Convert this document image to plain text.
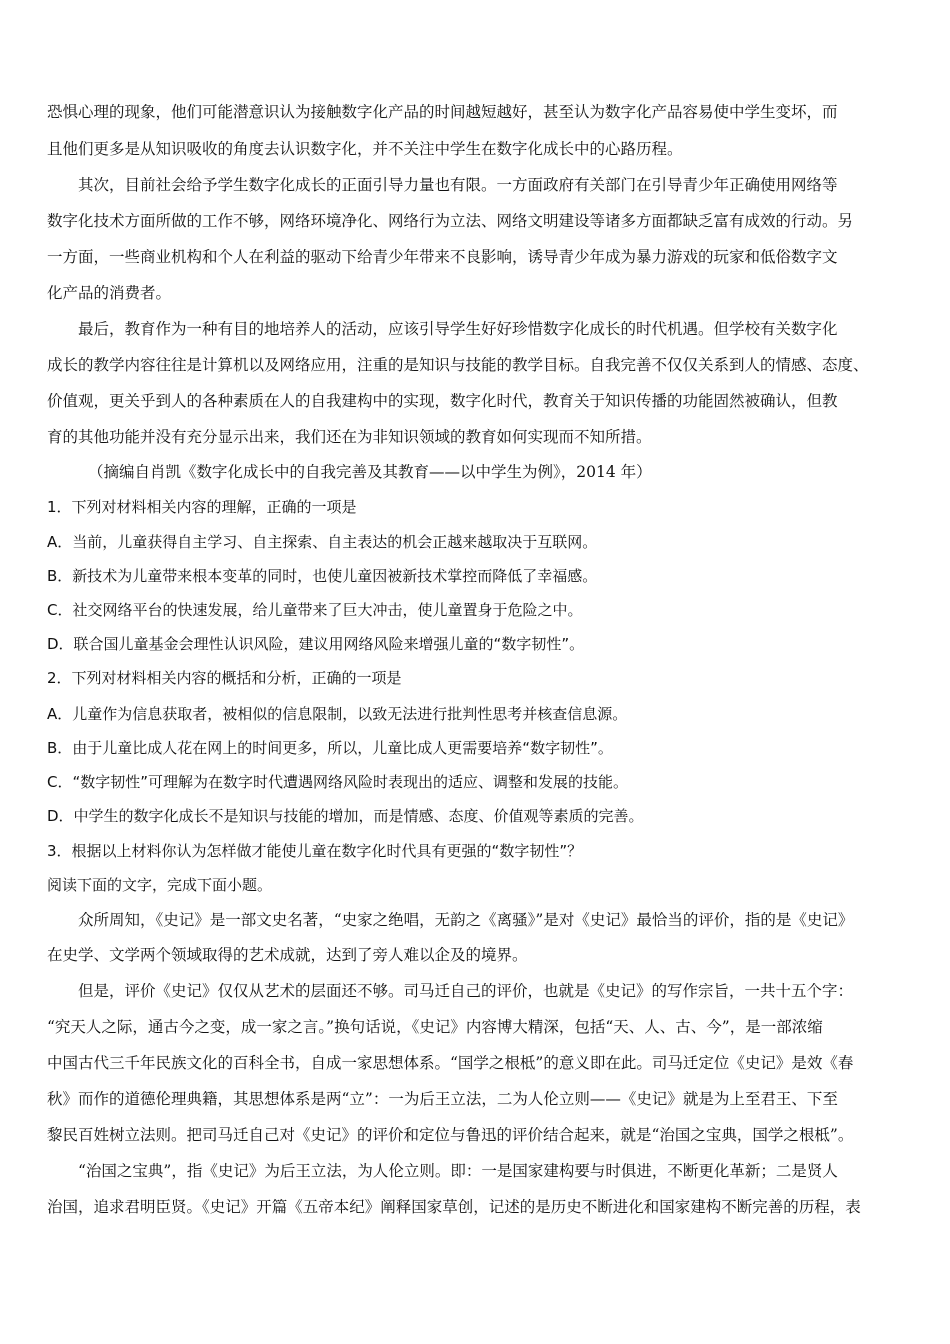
恐惧心理的现象，他们可能潜意识认为接触数字化产品的时间越短越好，甚至认为数字化产品容易使中学生变坏，而
且他们更多是从知识吸收的角度去认识数字化，并不关注中学生在数字化成长中的心路历程。
其次，目前社会给予学生数字化成长的正面引导力量也有限。一方面政府有关部门在引导青少年正确使用网络等
数字化技术方面所做的工作不够，网络环境净化、网络行为立法、网络文明建设等诸多方面都缺乏富有成效的行动。另
一方面，一些商业机构和个人在利益的驱动下给青少年带来不良影响，诱导青少年成为暴力游戏的玩家和低俗数字文
化产品的消费者。
最后，教育作为一种有目的地培养人的活动，应该引导学生好好珍惜数字化成长的时代机遇。但学校有关数字化
成长的教学内容往往是计算机以及网络应用，注重的是知识与技能的教学目标。自我完善不仅仅关系到人的情感、态度、
价值观，更关乎到人的各种素质在人的自我建构中的实现，数字化时代，教育关于知识传播的功能固然被确认，但教
育的其他功能并没有充分显示出来，我们还在为非知识领域的教育如何实现而不知所措。
（摘编自肖凯《数字化成长中的自我完善及其教育——以中学生为例》，2014 年）
1．下列对材料相关内容的理解，正确的一项是
A．当前，儿童获得自主学习、自主探索、自主表达的机会正越来越取决于互联网。
B．新技术为儿童带来根本变革的同时，也使儿童因被新技术掌控而降低了幸福感。
C．社交网络平台的快速发展，给儿童带来了巨大冲击，使儿童置身于危险之中。
D．联合国儿童基金会理性认识风险，建议用网络风险来增强儿童的“数字韧性”。
2．下列对材料相关内容的概括和分析，正确的一项是
A．儿童作为信息获取者，被相似的信息限制，以致无法进行批判性思考并核查信息源。
B．由于儿童比成人花在网上的时间更多，所以，儿童比成人更需要培养“数字韧性”。
C．“数字韧性”可理解为在数字时代遭遇网络风险时表现出的适应、调整和发展的技能。
D．中学生的数字化成长不是知识与技能的增加，而是情感、态度、价值观等素质的完善。
3．根据以上材料你认为怎样做才能使儿童在数字化时代具有更强的“数字韧性”？
阅读下面的文字，完成下面小题。
众所周知，《史记》是一部文史名著，“史家之绝唱，无韵之《离骚》”是对《史记》最恰当的评价，指的是《史记》
在史学、文学两个领域取得的艺术成就，达到了旁人难以企及的境界。
但是，评价《史记》仅仅从艺术的层面还不够。司马迁自己的评价，也就是《史记》的写作宗旨，一共十五个字：
“究天人之际，通古今之变，成一家之言。”换句话说，《史记》内容博大精深，包括“天、人、古、今”，是一部浓缩
中国古代三千年民族文化的百科全书，自成一家思想体系。“国学之根柢”的意义即在此。司马迁定位《史记》是效《春
秋》而作的道德伦理典籍，其思想体系是两“立”：一为后王立法，二为人伦立则——《史记》就是为上至君王、下至
黎民百姓树立法则。把司马迁自己对《史记》的评价和定位与鲁迅的评价结合起来，就是“治国之宝典，国学之根柢”。
“治国之宝典”，指《史记》为后王立法，为人伦立则。即：一是国家建构要与时俱进，不断更化革新；二是贤人
治国，追求君明臣贤。《史记》开篇《五帝本纪》阐释国家草创，记述的是历史不断进化和国家建构不断完善的历程，表
